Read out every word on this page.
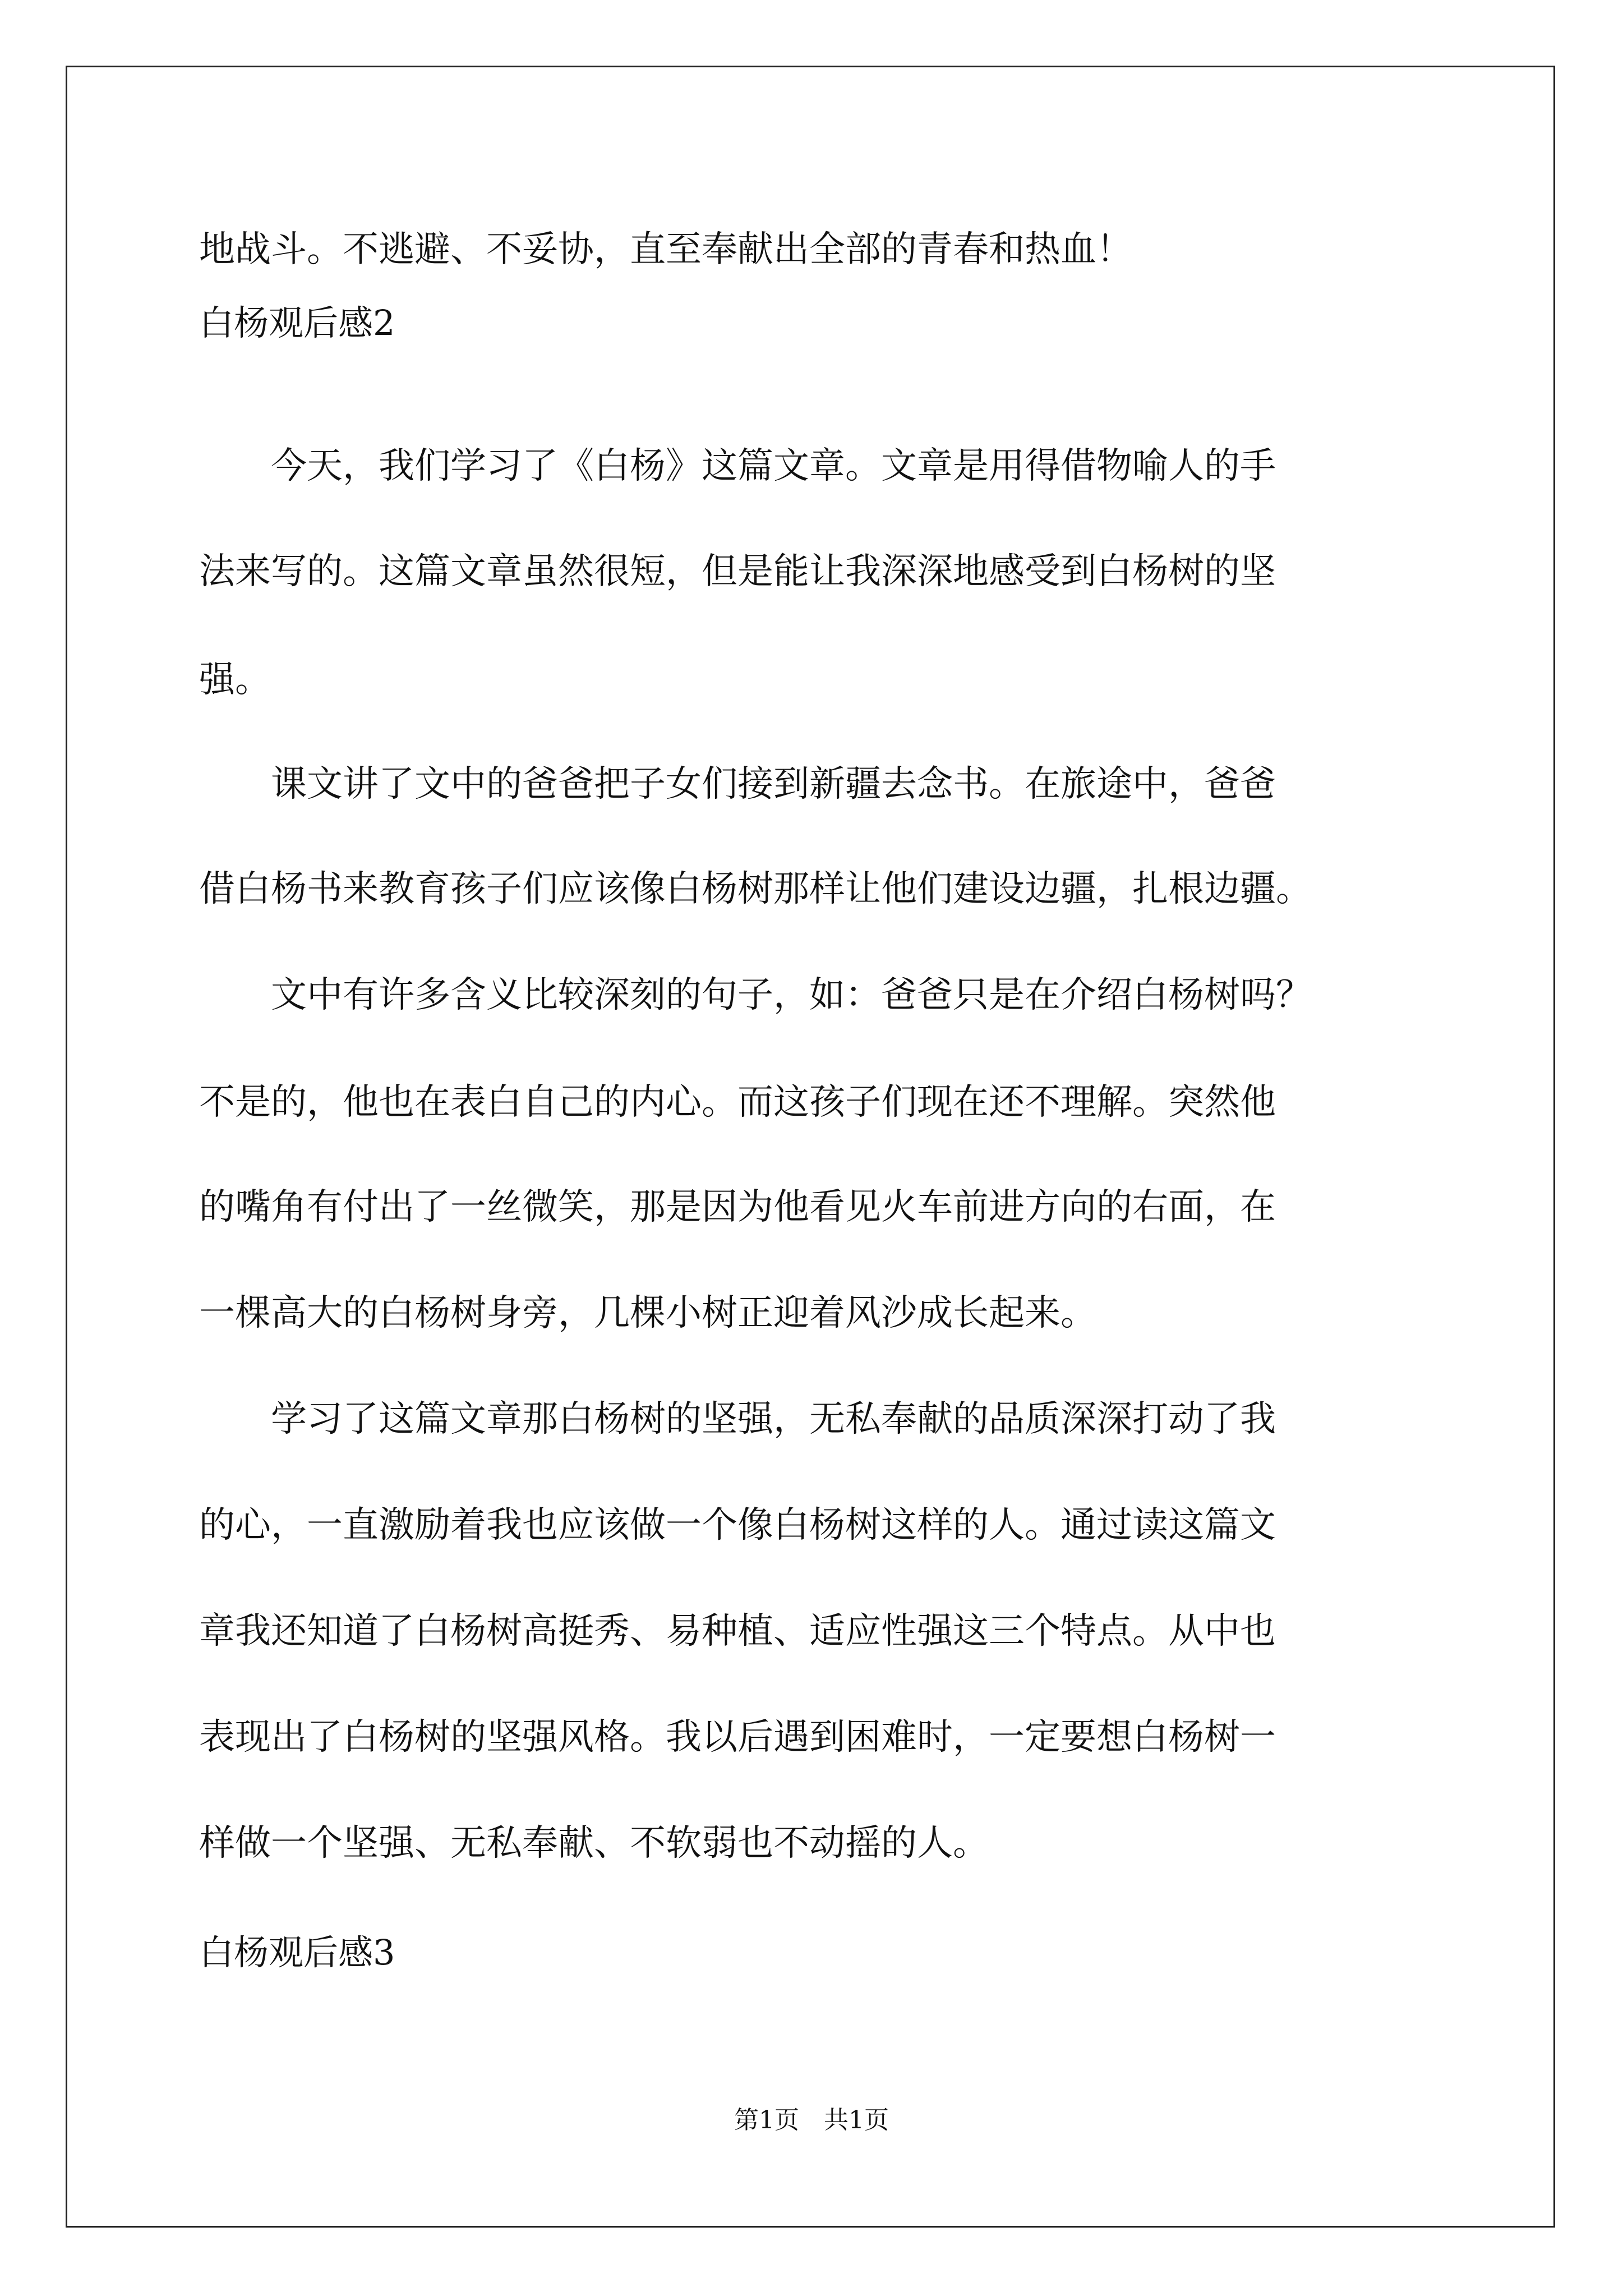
地战斗。不逃避、不妥协，直至奉献出全部的青春和热血！
白杨观后感2
　　今天，我们学习了《白杨》这篇文章。文章是用得借物喻人的手
法来写的。这篇文章虽然很短，但是能让我深深地感受到白杨树的坚
强。
　　课文讲了文中的爸爸把子女们接到新疆去念书。在旅途中，爸爸
借白杨书来教育孩子们应该像白杨树那样让他们建设边疆，扎根边疆。
　　文中有许多含义比较深刻的句子，如：爸爸只是在介绍白杨树吗？
不是的，他也在表白自己的内心。而这孩子们现在还不理解。突然他
的嘴角有付出了一丝微笑，那是因为他看见火车前进方向的右面，在
一棵高大的白杨树身旁，几棵小树正迎着风沙成长起来。
　　学习了这篇文章那白杨树的坚强，无私奉献的品质深深打动了我
的心，一直激励着我也应该做一个像白杨树这样的人。通过读这篇文
章我还知道了白杨树高挺秀、易种植、适应性强这三个特点。从中也
表现出了白杨树的坚强风格。我以后遇到困难时，一定要想白杨树一
样做一个坚强、无私奉献、不软弱也不动摇的人。
白杨观后感3
第1页　共1页
